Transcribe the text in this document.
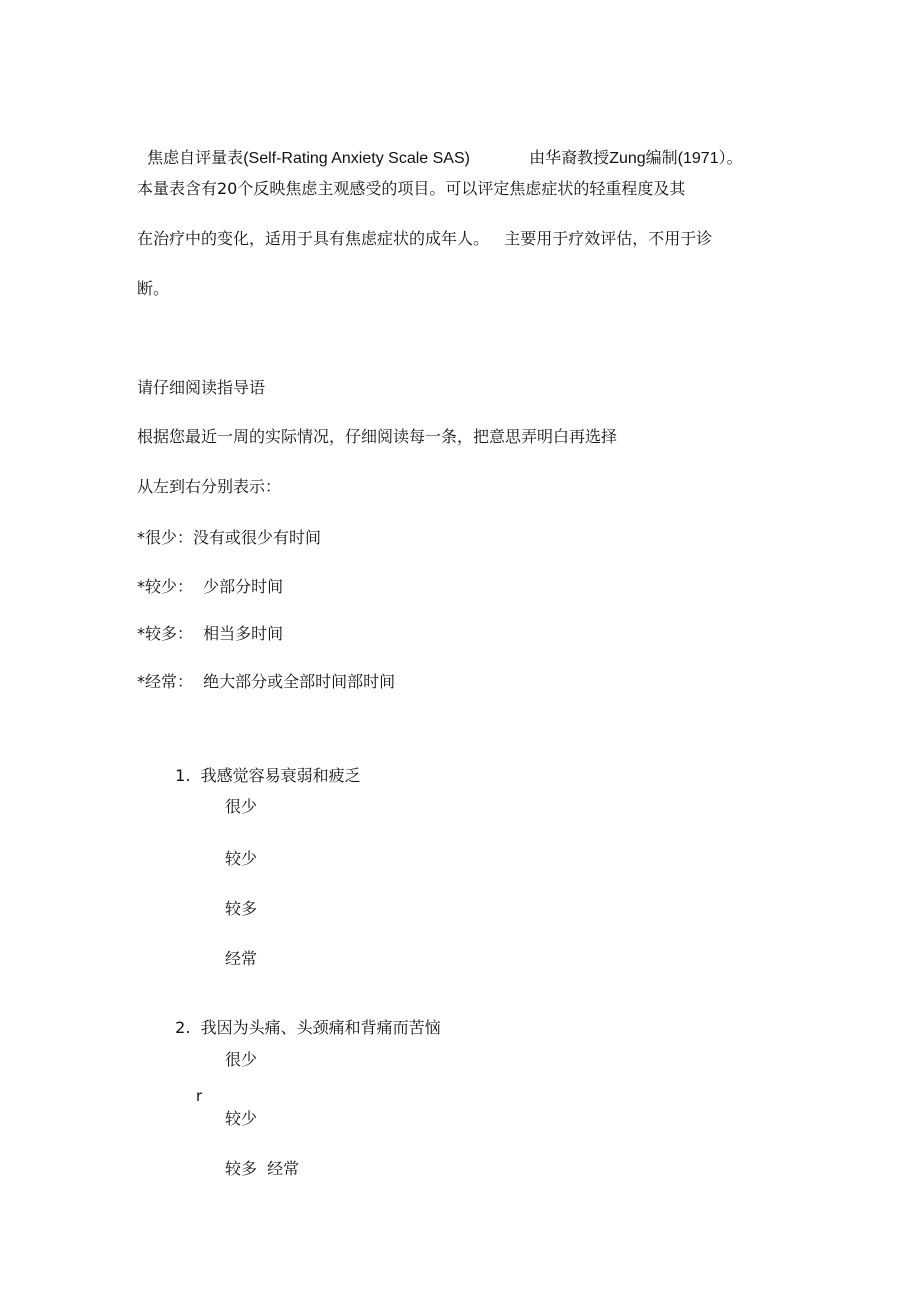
焦虑自评量表(Self-Rating Anxiety Scale SAS)	由华裔教授Zung编制(1971）。

本量表含有20个反映焦虑主观感受的项目。可以评定焦虑症状的轻重程度及其
在治疗中的变化，适用于具有焦虑症状的成年人。   主要用于疗效评估，不用于诊
断。
请仔细阅读指导语
根据您最近一周的实际情况，仔细阅读每一条，把意思弄明白再选择
从左到右分别表示：
*很少：没有或很少有时间
*较少：  少部分时间
*较多：  相当多时间
*经常：  绝大部分或全部时间部时间

1. 我感觉容易衰弱和疲乏

很少
较少
较多
经常

2. 我因为头痛、头颈痛和背痛而苦恼

很少
r
较少
较多  经常
